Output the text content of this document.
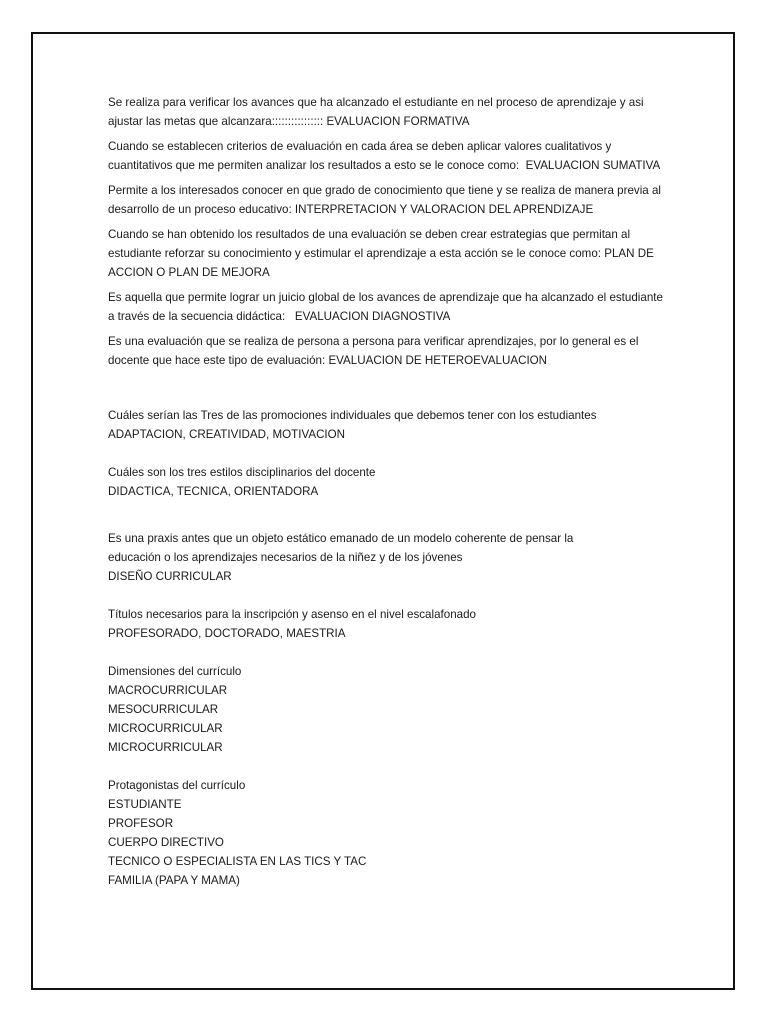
Se realiza para verificar los avances que ha alcanzado el estudiante en nel proceso de aprendizaje y asi ajustar las metas que alcanzara:::::::::::::::: EVALUACION FORMATIVA

Cuando se establecen criterios de evaluación en cada área se deben aplicar valores cualitativos y cuantitativos que me permiten analizar los resultados a esto se le conoce como:  EVALUACION SUMATIVA

Permite a los interesados conocer en que grado de conocimiento que tiene y se realiza de manera previa al desarrollo de un proceso educativo: INTERPRETACION Y VALORACION DEL APRENDIZAJE

Cuando se han obtenido los resultados de una evaluación se deben crear estrategias que permitan al estudiante reforzar su conocimiento y estimular el aprendizaje a esta acción se le conoce como: PLAN DE ACCION O PLAN DE MEJORA

Es aquella que permite lograr un juicio global de los avances de aprendizaje que ha alcanzado el estudiante a través de la secuencia didáctica:   EVALUACION DIAGNOSTIVA

Es una evaluación que se realiza de persona a persona para verificar aprendizajes, por lo general es el docente que hace este tipo de evaluación: EVALUACION DE HETEROEVALUACION

Cuáles serían las Tres de las promociones individuales que debemos tener con los estudiantes

ADAPTACION, CREATIVIDAD, MOTIVACION

Cuáles son los tres estilos disciplinarios del docente

DIDACTICA, TECNICA, ORIENTADORA

Es una praxis antes que un objeto estático emanado de un modelo coherente de pensar la

educación o los aprendizajes necesarios de la niñez y de los jóvenes

DISEÑO CURRICULAR

Títulos necesarios para la inscripción y asenso en el nivel escalafonado

PROFESORADO, DOCTORADO, MAESTRIA

Dimensiones del currículo

MACROCURRICULAR

MESOCURRICULAR

MICROCURRICULAR

MICROCURRICULAR

Protagonistas del currículo

ESTUDIANTE

PROFESOR

CUERPO DIRECTIVO

TECNICO O ESPECIALISTA EN LAS TICS Y TAC

FAMILIA (PAPA Y MAMA)
